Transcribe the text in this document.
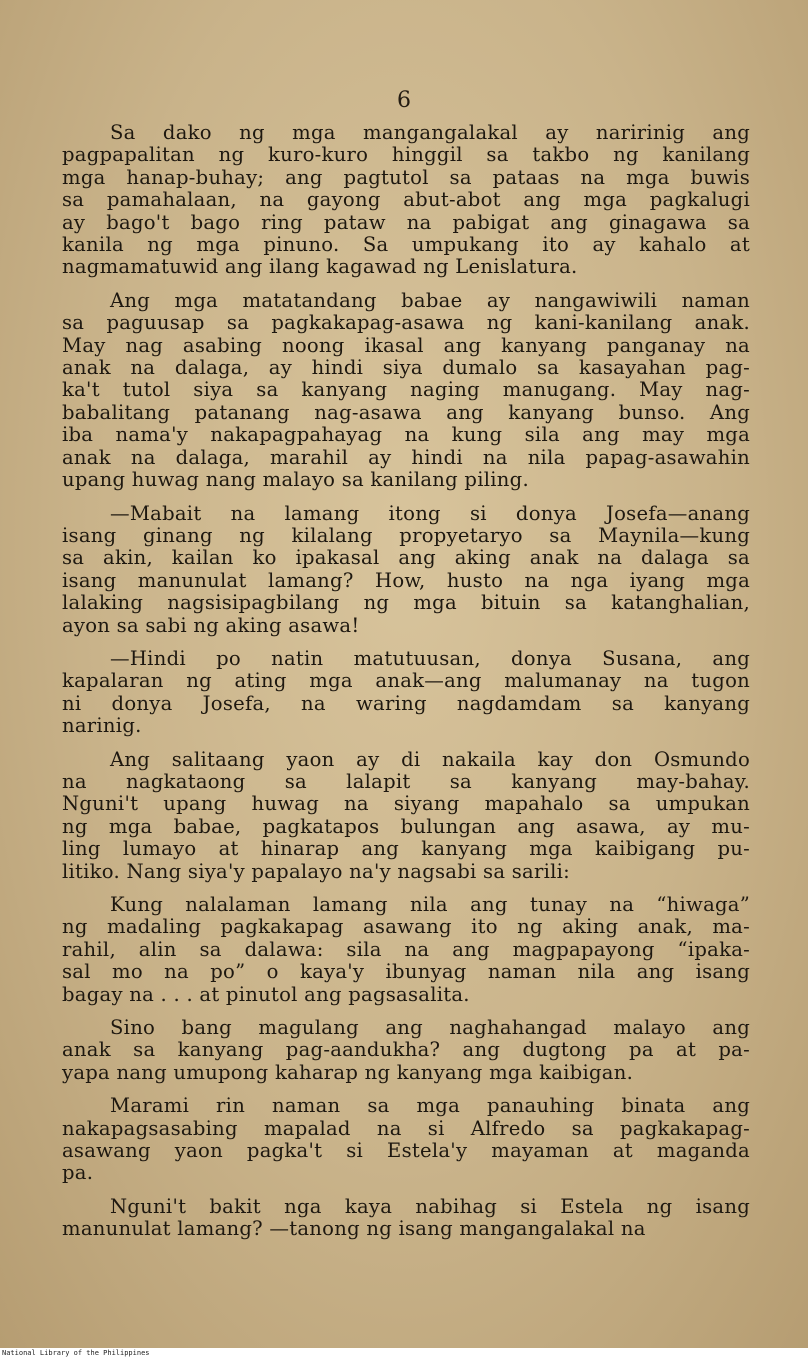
6
Sa dako ng mga mangangalakal ay naririnig ang
pagpapalitan ng kuro-kuro hinggil sa takbo ng kanilang
mga hanap-buhay; ang pagtutol sa pataas na mga buwis
sa pamahalaan, na gayong abut-abot ang mga pagkalugi
ay bago't bago ring pataw na pabigat ang ginagawa sa
kanila ng mga pinuno. Sa umpukang ito ay kahalo at
nagmamatuwid ang ilang kagawad ng Lenislatura.
Ang mga matatandang babae ay nangawiwili naman
sa paguusap sa pagkakapag-asawa ng kani-kanilang anak.
May nag asabing noong ikasal ang kanyang panganay na
anak na dalaga, ay hindi siya dumalo sa kasayahan pag-
ka't tutol siya sa kanyang naging manugang. May nag-
babalitang patanang nag-asawa ang kanyang bunso. Ang
iba nama'y nakapagpahayag na kung sila ang may mga
anak na dalaga, marahil ay hindi na nila papag-asawahin
upang huwag nang malayo sa kanilang piling.
—Mabait na lamang itong si donya Josefa—anang
isang ginang ng kilalang propyetaryo sa Maynila—kung
sa akin, kailan ko ipakasal ang aking anak na dalaga sa
isang manunulat lamang? How, husto na nga iyang mga
lalaking nagsisipagbilang ng mga bituin sa katanghalian,
ayon sa sabi ng aking asawa!
—Hindi po natin matutuusan, donya Susana, ang
kapalaran ng ating mga anak—ang malumanay na tugon
ni donya Josefa, na waring nagdamdam sa kanyang
narinig.
Ang salitaang yaon ay di nakaila kay don Osmundo
na nagkataong sa lalapit sa kanyang may-bahay.
Nguni't upang huwag na siyang mapahalo sa umpukan
ng mga babae, pagkatapos bulungan ang asawa, ay mu-
ling lumayo at hinarap ang kanyang mga kaibigang pu-
litiko. Nang siya'y papalayo na'y nagsabi sa sarili:
Kung nalalaman lamang nila ang tunay na “hiwaga”
ng madaling pagkakapag asawang ito ng aking anak, ma-
rahil, alin sa dalawa: sila na ang magpapayong “ipaka-
sal mo na po” o kaya'y ibunyag naman nila ang isang
bagay na . . . at pinutol ang pagsasalita.
Sino bang magulang ang naghahangad malayo ang
anak sa kanyang pag-aandukha? ang dugtong pa at pa-
yapa nang umupong kaharap ng kanyang mga kaibigan.
Marami rin naman sa mga panauhing binata ang
nakapagsasabing mapalad na si Alfredo sa pagkakapag-
asawang yaon pagka't si Estela'y mayaman at maganda
pa.
Nguni't bakit nga kaya nabihag si Estela ng isang
manunulat lamang? —tanong ng isang mangangalakal na
National Library of the Philippines
